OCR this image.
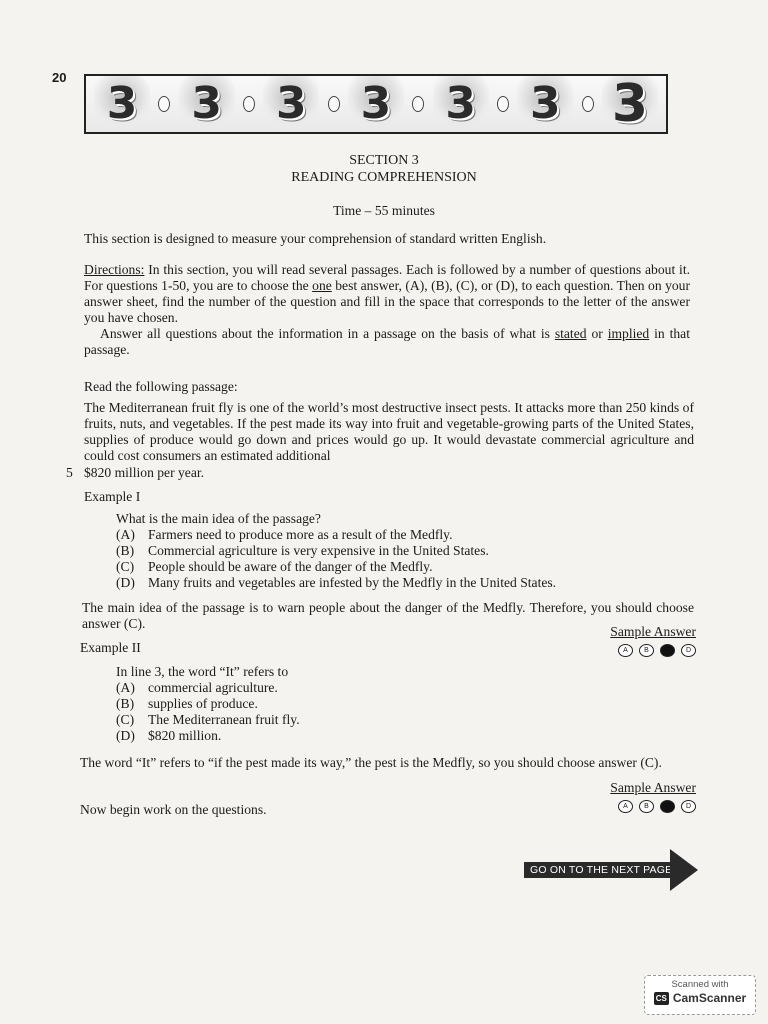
20
3 3 3 3 3 3 3
SECTION 3
READING COMPREHENSION
Time – 55 minutes
This section is designed to measure your comprehension of standard written English.
Directions: In this section, you will read several passages. Each is followed by a number of questions about it. For questions 1-50, you are to choose the one best answer, (A), (B), (C), or (D), to each question. Then on your answer sheet, find the number of the question and fill in the space that corresponds to the letter of the answer you have chosen.
Answer all questions about the information in a passage on the basis of what is stated or implied in that passage.
Read the following passage:
The Mediterranean fruit fly is one of the world’s most destructive insect pests. It attacks more than 250 kinds of fruits, nuts, and vegetables. If the pest made its way into fruit and vegetable-growing parts of the United States, supplies of produce would go down and prices would go up. It would devastate commercial agriculture and could cost consumers an estimated additional
5 $820 million per year.
Example I
What is the main idea of the passage?
(A) Farmers need to produce more as a result of the Medfly.
(B)	Commercial agriculture is very expensive in the United States.
(C)	People should be aware of the danger of the Medfly.
(D) Many fruits and vegetables are infested by the Medfly in the United States.
The main idea of the passage is to warn people about the danger of the Medfly. Therefore, you should choose answer (C).
Sample Answer
A	B	C	D
Example II
In line 3, the word “It” refers to
(A) commercial agriculture.
(B)	supplies of produce.
(C)	The Mediterranean fruit fly.
(D) $820 million.
The word “It” refers to “if the pest made its way,” the pest is the Medfly, so you should choose answer (C).
Sample Answer
A	B	C	D
Now begin work on the questions.
GO ON TO THE NEXT PAGE
Scanned with
CS CamScanner
